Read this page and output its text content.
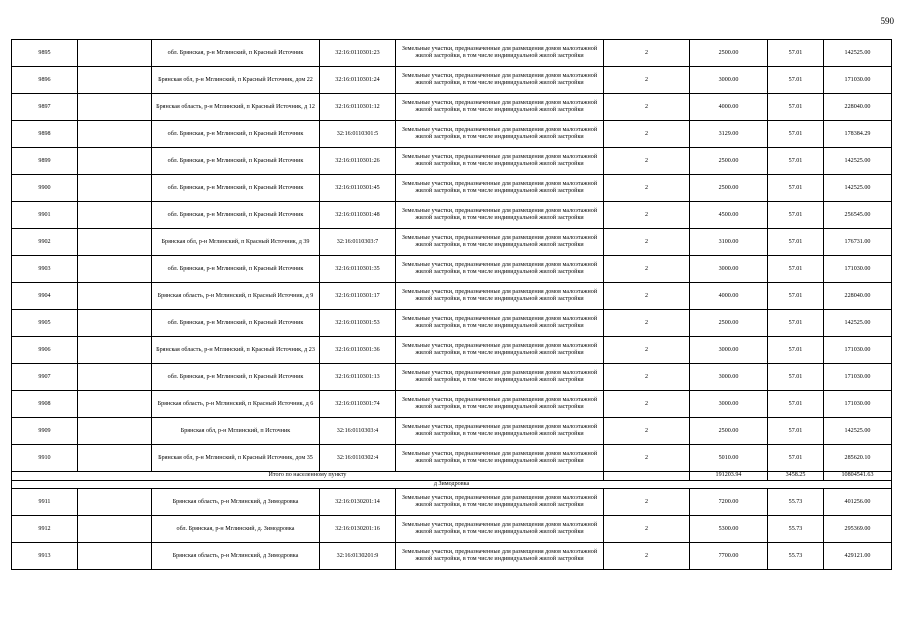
590
9895		обл. Брянская, р-н Мглинский, п Красный Источник	32:16:0110301:23	Земельные участки, предназначенные для размещения домов малоэтажной жилой застройки, в том числе индивидуальной жилой застройки	2	2500.00	57.01	142525.00
9896		Брянская обл, р-н Мглинский, п Красный Источник, дом 22	32:16:0110301:24	Земельные участки, предназначенные для размещения домов малоэтажной жилой застройки, в том числе индивидуальной жилой застройки	2	3000.00	57.01	171030.00
9897		Брянская область, р-н Мглинский, п Красный Источник, д 12	32:16:0110301:12	Земельные участки, предназначенные для размещения домов малоэтажной жилой застройки, в том числе индивидуальной жилой застройки	2	4000.00	57.01	228040.00
9898		обл. Брянская, р-н Мглинский, п Красный Источник	32:16:0110301:5	Земельные участки, предназначенные для размещения домов малоэтажной жилой застройки, в том числе индивидуальной жилой застройки	2	3129.00	57.01	178384.29
9899		обл. Брянская, р-н Мглинский, п Красный Источник	32:16:0110301:26	Земельные участки, предназначенные для размещения домов малоэтажной жилой застройки, в том числе индивидуальной жилой застройки	2	2500.00	57.01	142525.00
9900		обл. Брянская, р-н Мглинский, п Красный Источник	32:16:0110301:45	Земельные участки, предназначенные для размещения домов малоэтажной жилой застройки, в том числе индивидуальной жилой застройки	2	2500.00	57.01	142525.00
9901		обл. Брянская, р-н Мглинский, п Красный Источник	32:16:0110301:48	Земельные участки, предназначенные для размещения домов малоэтажной жилой застройки, в том числе индивидуальной жилой застройки	2	4500.00	57.01	256545.00
9902		Брянская обл, р-н Мглинский, п Красный Источник, д 39	32:16:0110303:7	Земельные участки, предназначенные для размещения домов малоэтажной жилой застройки, в том числе индивидуальной жилой застройки	2	3100.00	57.01	176731.00
9903		обл. Брянская, р-н Мглинский, п Красный Источник	32:16:0110301:35	Земельные участки, предназначенные для размещения домов малоэтажной жилой застройки, в том числе индивидуальной жилой застройки	2	3000.00	57.01	171030.00
9904		Брянская область, р-н Мглинский, п Красный Источник, д 9	32:16:0110301:17	Земельные участки, предназначенные для размещения домов малоэтажной жилой застройки, в том числе индивидуальной жилой застройки	2	4000.00	57.01	228040.00
9905		обл. Брянская, р-н Мглинский, п Красный Источник	32:16:0110301:53	Земельные участки, предназначенные для размещения домов малоэтажной жилой застройки, в том числе индивидуальной жилой застройки	2	2500.00	57.01	142525.00
9906		Брянская область, р-н Мглинский, п Красный Источник, д 23	32:16:0110301:36	Земельные участки, предназначенные для размещения домов малоэтажной жилой застройки, в том числе индивидуальной жилой застройки	2	3000.00	57.01	171030.00
9907		обл. Брянская, р-н Мглинский, п Красный Источник	32:16:0110301:13	Земельные участки, предназначенные для размещения домов малоэтажной жилой застройки, в том числе индивидуальной жилой застройки	2	3000.00	57.01	171030.00
9908		Брянская область, р-н Мглинский, п Красный Источник, д 6	32:16:0110301:74	Земельные участки, предназначенные для размещения домов малоэтажной жилой застройки, в том числе индивидуальной жилой застройки	2	3000.00	57.01	171030.00
9909		Брянская обл, р-н Мглинский, п Источник	32:16:0110303:4	Земельные участки, предназначенные для размещения домов малоэтажной жилой застройки, в том числе индивидуальной жилой застройки	2	2500.00	57.01	142525.00
9910		Брянская обл, р-н Мглинский, п Красный Источник, дом 35	32:16:0110302:4	Земельные участки, предназначенные для размещения домов малоэтажной жилой застройки, в том числе индивидуальной жилой застройки	2	5010.00	57.01	285620.10
Итого по населенному пункту						191203.94	3458.25	10804541.63
д Зимодровка								
9911		Брянская область, р-н Мглинский, д Зимодровка	32:16:0130201:14	Земельные участки, предназначенные для размещения домов малоэтажной жилой застройки, в том числе индивидуальной жилой застройки	2	7200.00	55.73	401256.00
9912		обл. Брянская, р-н Мглинский, д. Зимодровка	32:16:0130201:16	Земельные участки, предназначенные для размещения домов малоэтажной жилой застройки, в том числе индивидуальной жилой застройки	2	5300.00	55.73	295369.00
9913		Брянская область, р-н Мглинский, д Зимодровка	32:16:0130201:9	Земельные участки, предназначенные для размещения домов малоэтажной жилой застройки, в том числе индивидуальной жилой застройки	2	7700.00	55.73	429121.00
